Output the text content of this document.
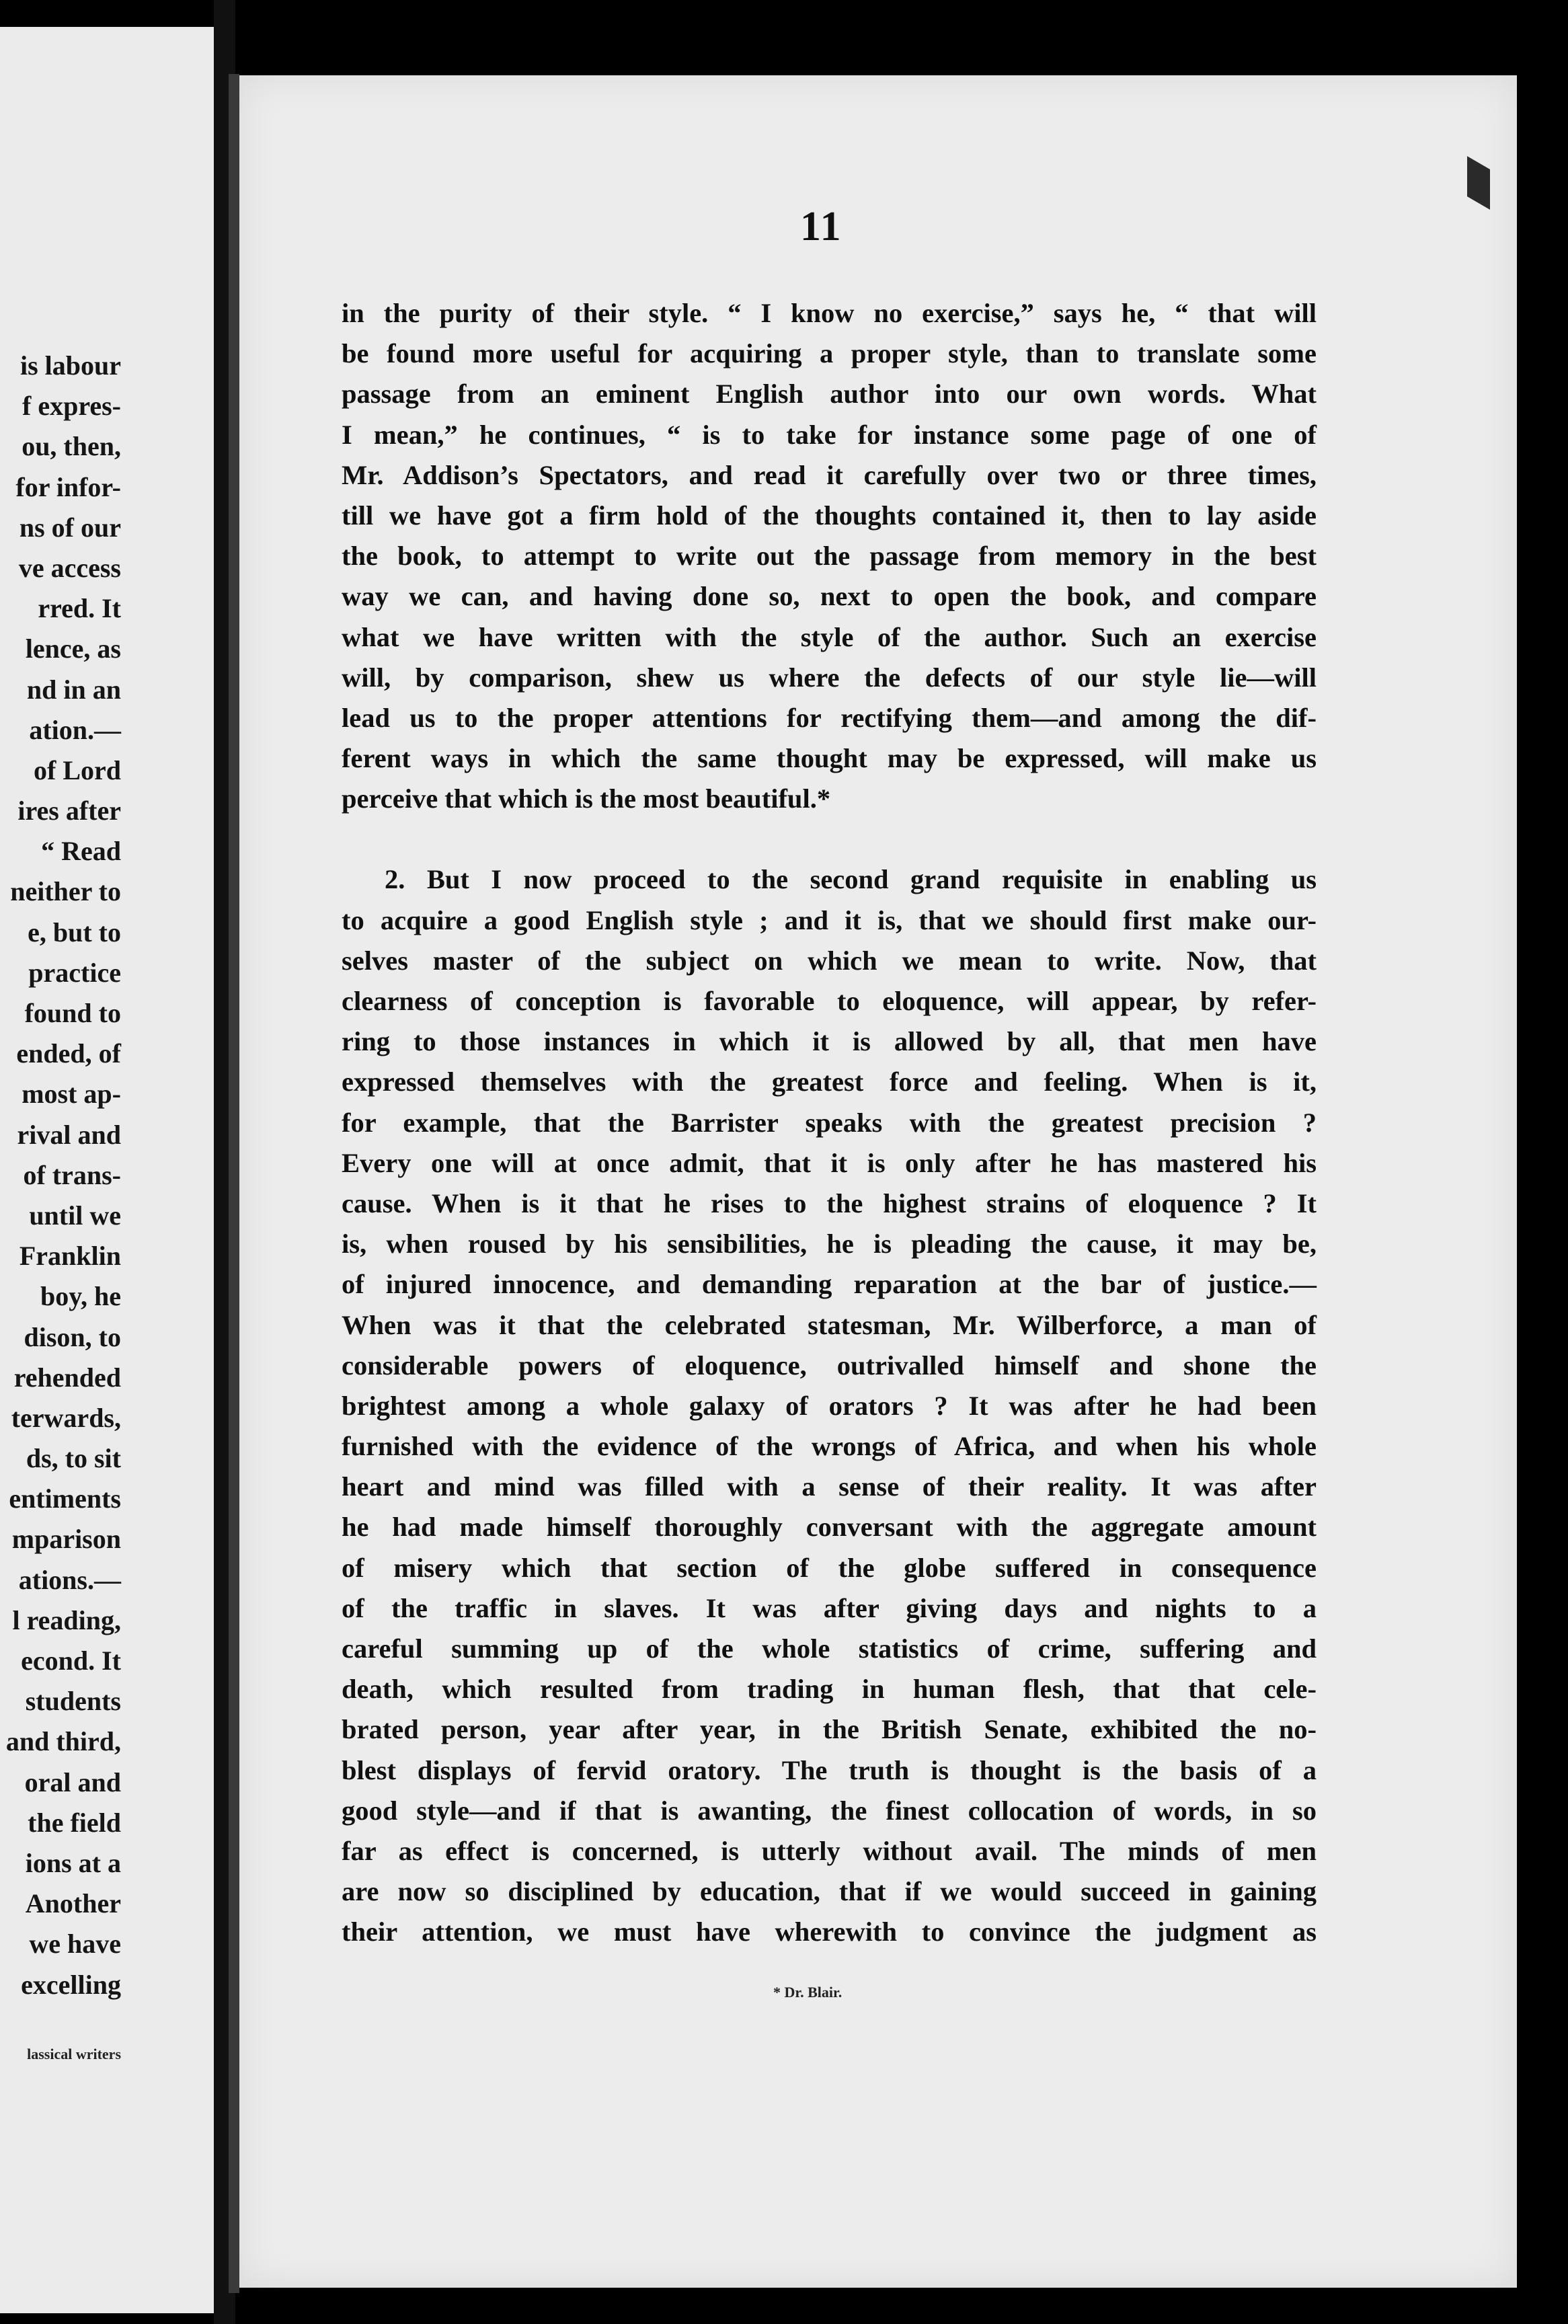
is labour
f expres-
ou, then,
for infor-
ns of our
ve access
rred. It
lence, as
nd in an
ation.—
of Lord
ires after
“ Read
neither to
e, but to
practice
found to
ended, of
most ap-
rival and
of trans-
until we
Franklin
boy, he
dison, to
rehended
terwards,
ds, to sit
entiments
mparison
ations.—
l reading,
econd. It
students
and third,
oral and
the field
ions at a
Another
we have
excelling
lassical writers
11
in the purity of their style. “ I know no exercise,” says he, “ that will
be found more useful for acquiring a proper style, than to translate some
passage from an eminent English author into our own words. What
I mean,” he continues, “ is to take for instance some page of one of
Mr. Addison’s Spectators, and read it carefully over two or three times,
till we have got a firm hold of the thoughts contained it, then to lay aside
the book, to attempt to write out the passage from memory in the best
way we can, and having done so, next to open the book, and compare
what we have written with the style of the author. Such an exercise
will, by comparison, shew us where the defects of our style lie—will
lead us to the proper attentions for rectifying them—and among the dif-
ferent ways in which the same thought may be expressed, will make us
perceive that which is the most beautiful.*
2. But I now proceed to the second grand requisite in enabling us
to acquire a good English style ; and it is, that we should first make our-
selves master of the subject on which we mean to write. Now, that
clearness of conception is favorable to eloquence, will appear, by refer-
ring to those instances in which it is allowed by all, that men have
expressed themselves with the greatest force and feeling. When is it,
for example, that the Barrister speaks with the greatest precision ?
Every one will at once admit, that it is only after he has mastered his
cause. When is it that he rises to the highest strains of eloquence ? It
is, when roused by his sensibilities, he is pleading the cause, it may be,
of injured innocence, and demanding reparation at the bar of justice.—
When was it that the celebrated statesman, Mr. Wilberforce, a man of
considerable powers of eloquence, outrivalled himself and shone the
brightest among a whole galaxy of orators ? It was after he had been
furnished with the evidence of the wrongs of Africa, and when his whole
heart and mind was filled with a sense of their reality. It was after
he had made himself thoroughly conversant with the aggregate amount
of misery which that section of the globe suffered in consequence
of the traffic in slaves. It was after giving days and nights to a
careful summing up of the whole statistics of crime, suffering and
death, which resulted from trading in human flesh, that that cele-
brated person, year after year, in the British Senate, exhibited the no-
blest displays of fervid oratory. The truth is thought is the basis of a
good style—and if that is awanting, the finest collocation of words, in so
far as effect is concerned, is utterly without avail. The minds of men
are now so disciplined by education, that if we would succeed in gaining
their attention, we must have wherewith to convince the judgment as
* Dr. Blair.
